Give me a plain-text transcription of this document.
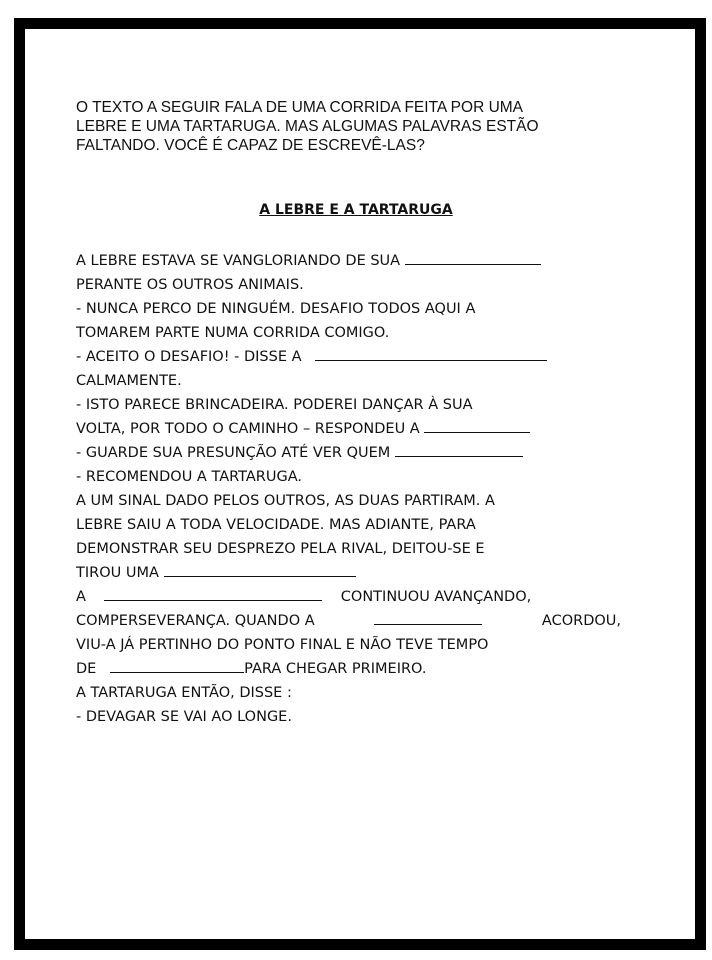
O TEXTO A SEGUIR FALA DE UMA CORRIDA FEITA POR UMA
LEBRE E UMA TARTARUGA. MAS ALGUMAS PALAVRAS ESTÃO
FALTANDO. VOCÊ É CAPAZ DE ESCREVÊ-LAS?
A LEBRE E A TARTARUGA
A LEBRE ESTAVA SE VANGLORIANDO DE SUA
PERANTE OS OUTROS ANIMAIS.
- NUNCA PERCO DE NINGUÉM. DESAFIO TODOS AQUI A
TOMAREM PARTE NUMA CORRIDA COMIGO.
- ACEITO O DESAFIO! - DISSE A
CALMAMENTE.
- ISTO PARECE BRINCADEIRA. PODEREI DANÇAR À SUA
VOLTA, POR TODO O CAMINHO – RESPONDEU A
- GUARDE SUA PRESUNÇÃO ATÉ VER QUEM
- RECOMENDOU A TARTARUGA.
A UM SINAL DADO PELOS OUTROS, AS DUAS PARTIRAM. A
LEBRE SAIU A TODA VELOCIDADE. MAS ADIANTE, PARA
DEMONSTRAR SEU DESPREZO PELA RIVAL, DEITOU-SE E
TIROU UMA
A	CONTINUOU AVANÇANDO,
COMPERSEVERANÇA. QUANDO A	ACORDOU,
VIU-A JÁ PERTINHO DO PONTO FINAL E NÃO TEVE TEMPO
DE	PARA CHEGAR PRIMEIRO.
A TARTARUGA ENTÃO, DISSE :
- DEVAGAR SE VAI AO LONGE.
